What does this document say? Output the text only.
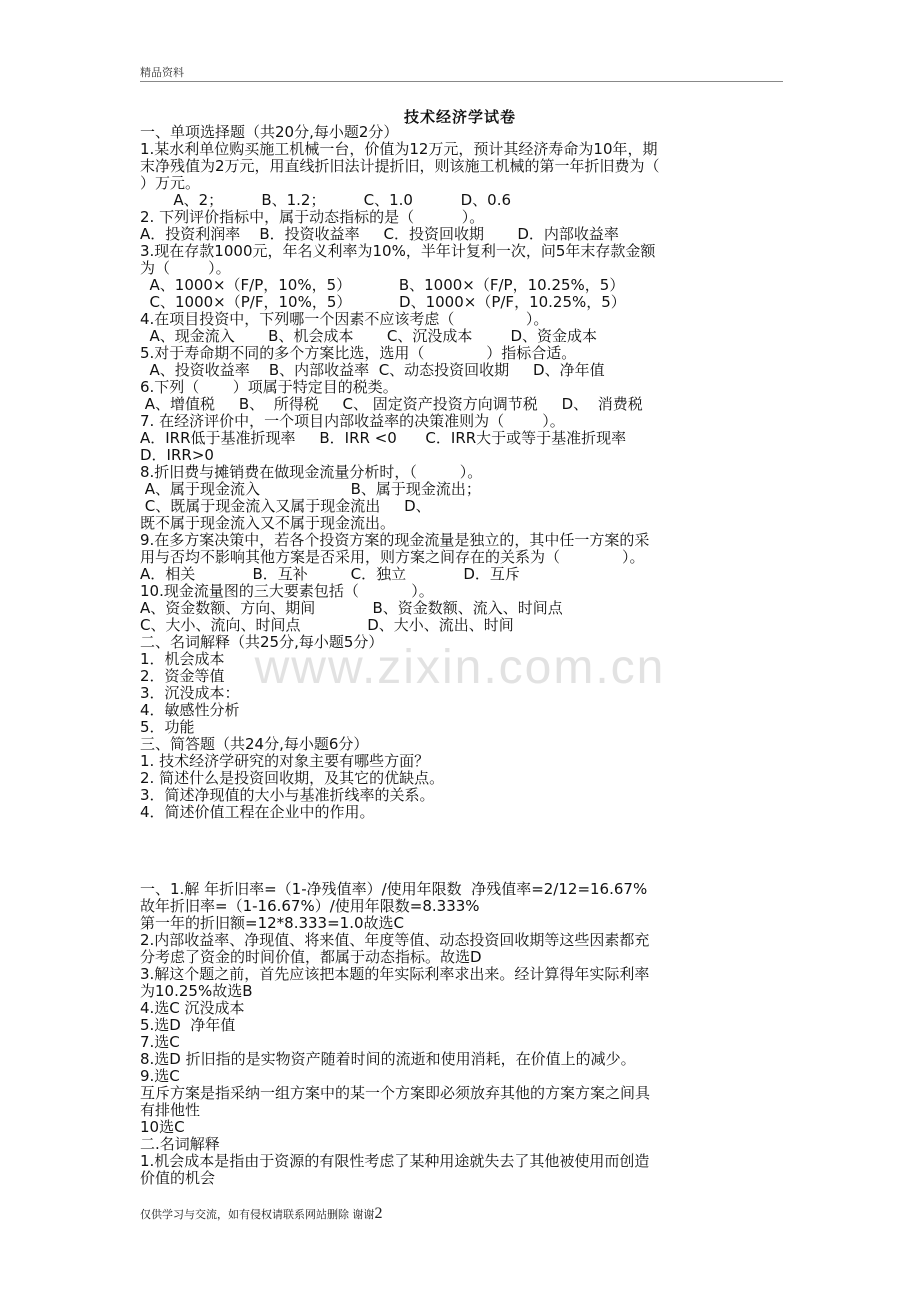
精品资料
技术经济学试卷
www.zixin.com.cn
一、单项选择题（共20分,每小题2分）
1.某水利单位购买施工机械一台，价值为12万元，预计其经济寿命为10年，期
末净残值为2万元，用直线折旧法计提折旧，则该施工机械的第一年折旧费为（
）万元。
A、2；        B、1.2；        C、1.0          D、0.6
2. 下列评价指标中，属于动态指标的是（          ）。
A．投资利润率    B．投资收益率     C．投资回收期       D．内部收益率
3.现在存款1000元，年名义利率为10%，半年计复利一次，问5年末存款金额
为（        ）。
A、1000×（F/P，10%，5）          B、1000×（F/P，10.25%，5）
C、1000×（P/F，10%，5）          D、1000×（P/F，10.25%，5）
4.在项目投资中，下列哪一个因素不应该考虑（               ）。
A、现金流入       B、机会成本       C、沉没成本        D、资金成本
5.对于寿命期不同的多个方案比选，选用（             ）指标合适。
A、投资收益率    B、内部收益率  C、动态投资回收期     D、净年值
6.下列（       ）项属于特定目的税类。
A、增值税     B、  所得税     C、 固定资产投资方向调节税     D、  消费税
7. 在经济评价中，一个项目内部收益率的决策准则为（        ）。
A．IRR低于基准折现率     B．IRR <0      C．IRR大于或等于基准折现率
D．IRR>0
8.折旧费与摊销费在做现金流量分析时，（         ）。
A、属于现金流入                   B、属于现金流出；
C、既属于现金流入又属于现金流出     D、
既不属于现金流入又不属于现金流出。
9.在多方案决策中，若各个投资方案的现金流量是独立的，其中任一方案的采
用与否均不影响其他方案是否采用，则方案之间存在的关系为（             ）。
A．相关            B．互补         C．独立            D．互斥
10.现金流量图的三大要素包括（           ）。
A、资金数额、方向、期间            B、资金数额、流入、时间点
C、大小、流向、时间点              D、大小、流出、时间
二、名词解释（共25分,每小题5分）
1．机会成本
2．资金等值
3．沉没成本：
4．敏感性分析
5．功能
三、简答题（共24分,每小题6分）
1. 技术经济学研究的对象主要有哪些方面？
2. 简述什么是投资回收期，及其它的优缺点。
3．简述净现值的大小与基准折线率的关系。
4．简述价值工程在企业中的作用。
一、1.解 年折旧率=（1-净残值率）/使用年限数  净残值率=2/12=16.67%
故年折旧率=（1-16.67%）/使用年限数=8.333%
第一年的折旧额=12*8.333=1.0故选C
2.内部收益率、净现值、将来值、年度等值、动态投资回收期等这些因素都充
分考虑了资金的时间价值，都属于动态指标。故选D
3.解这个题之前，首先应该把本题的年实际利率求出来。经计算得年实际利率
为10.25%故选B
4.选C 沉没成本
5.选D  净年值
7.选C
8.选D 折旧指的是实物资产随着时间的流逝和使用消耗，在价值上的减少。
9.选C
互斥方案是指采纳一组方案中的某一个方案即必须放弃其他的方案方案之间具
有排他性
10选C
二.名词解释
1.机会成本是指由于资源的有限性考虑了某种用途就失去了其他被使用而创造
价值的机会
仅供学习与交流，如有侵权请联系网站删除 谢谢2
